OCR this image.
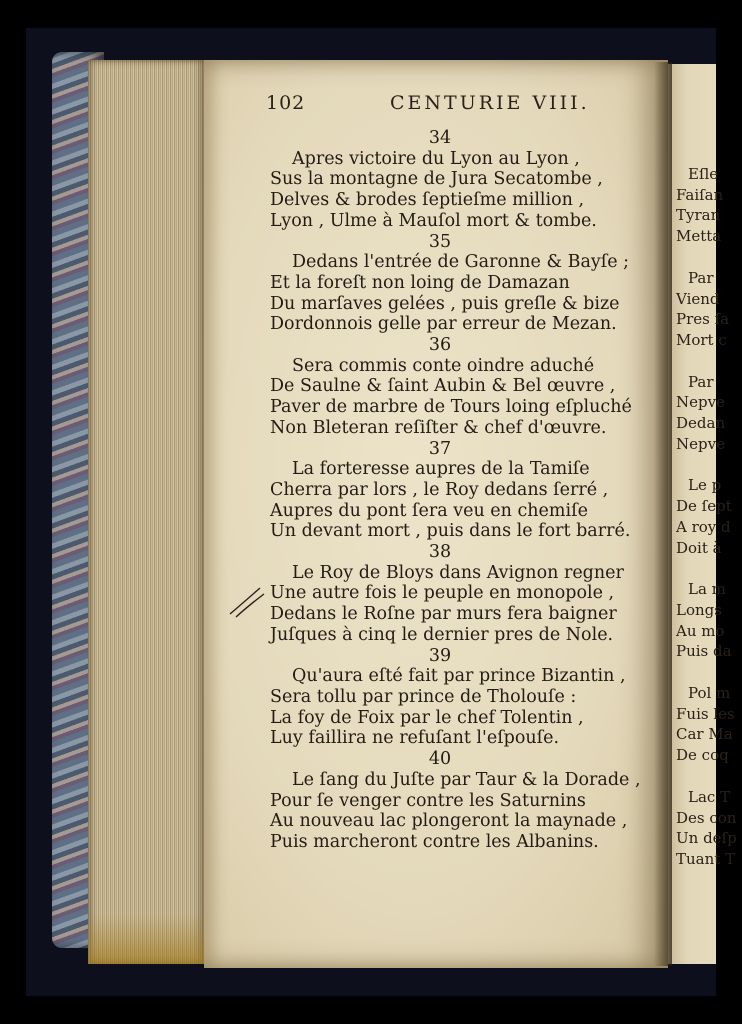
102	CENTURIE VIII.
34
Apres victoire du Lyon au Lyon ,
Sus la montagne de Jura Secatombe ,
Delves & brodes ſeptieſme million ,
Lyon , Ulme à Mauſol mort & tombe.
35
Dedans l'entrée de Garonne & Bayſe ;
Et la foreſt non loing de Damazan
Du marſaves gelées , puis greſle & bize
Dordonnois gelle par erreur de Mezan.
36
Sera commis conte oindre aduché
De Saulne & ſaint Aubin & Bel œuvre ,
Paver de marbre de Tours loing eſpluché
Non Bleteran reſiſter & chef d'œuvre.
37
La forteresse aupres de la Tamiſe
Cherra par lors , le Roy dedans ſerré ,
Aupres du pont ſera veu en chemiſe
Un devant mort , puis dans le fort barré.
38
Le Roy de Bloys dans Avignon regner
Une autre fois le peuple en monopole ,
Dedans le Roſne par murs fera baigner
Juſques à cinq le dernier pres de Nole.
39
Qu'aura eſté fait par prince Bizantin ,
Sera tollu par prince de Tholouſe :
La foy de Foix par le chef Tolentin ,
Luy faillira ne refuſant l'eſpouſe.
40
Le ſang du Juſte par Taur & la Dorade ,
Pour ſe venger contre les Saturnins
Au nouveau lac plongeront la maynade ,
Puis marcheront contre les Albanins.
Eſle
Faiſan
Tyran
Metta
Par
Viend
Pres ſa
Mort c
Par
Nepve
Dedan
Nepve
Le p
De ſept
A roy d
Doit à
La m
Longs
Au mo
Puis da
Pol m
Fuis les
Car Ma
De coq
Lac T
Des con
Un deſp
Tuant T
